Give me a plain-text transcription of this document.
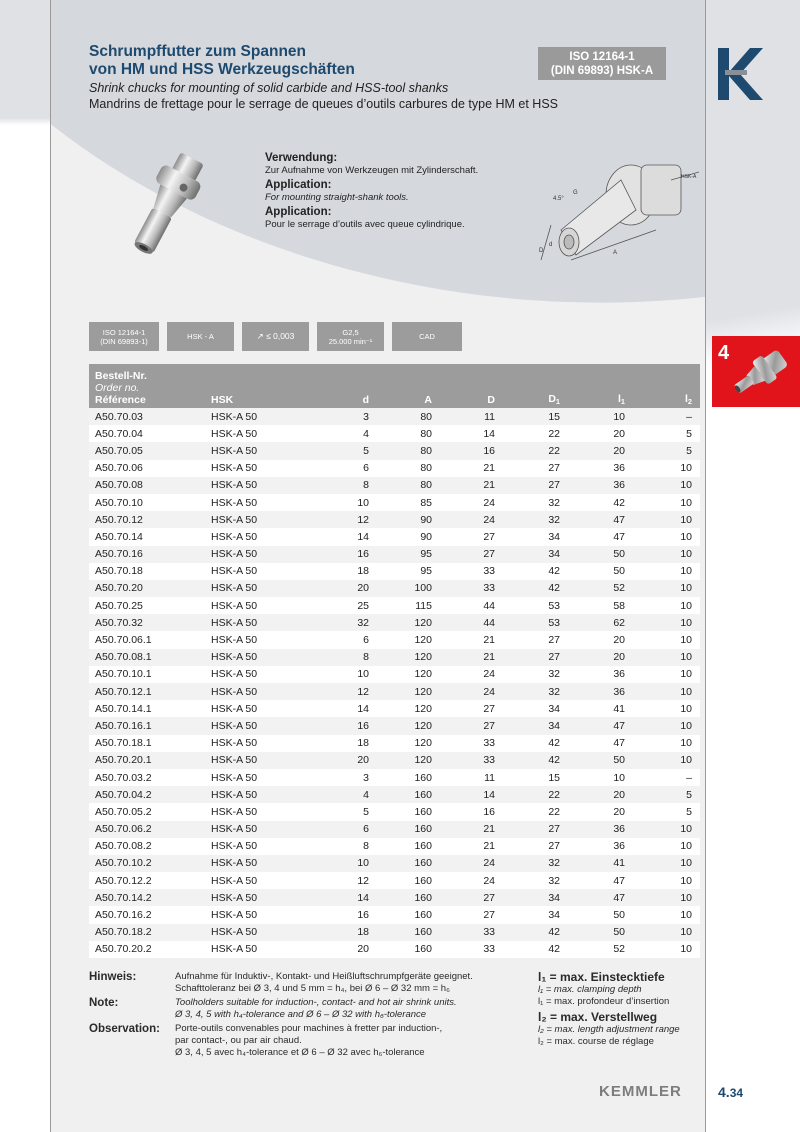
Schrumpffutter zum Spannen
von HM und HSS Werkzeugschäften
Shrink chucks for mounting of solid carbide and HSS-tool shanks
Mandrins de frettage pour le serrage de queues d’outils carbures de type HM et HSS
ISO 12164-1
(DIN 69893) HSK-A
Verwendung:
Zur Aufnahme von Werkzeugen mit Zylinderschaft.
Application:
For mounting straight-shank tools.
Application:
Pour le serrage d’outils avec queue cylindrique.
4.5°
G
D
d
A
HSK-A
ISO 12164-1
(DIN 69893-1)	HSK - A	↗ ≤ 0,003	G2,5
25.000 min⁻¹	CAD
Bestell-Nr.
Order no.
Référence	HSK	d	A	D	$D_1$	$l_1$	$l_2$
A50.70.03	HSK-A 50	3	80	11	15	10	–
A50.70.04	HSK-A 50	4	80	14	22	20	5
A50.70.05	HSK-A 50	5	80	16	22	20	5
A50.70.06	HSK-A 50	6	80	21	27	36	10
A50.70.08	HSK-A 50	8	80	21	27	36	10
A50.70.10	HSK-A 50	10	85	24	32	42	10
A50.70.12	HSK-A 50	12	90	24	32	47	10
A50.70.14	HSK-A 50	14	90	27	34	47	10
A50.70.16	HSK-A 50	16	95	27	34	50	10
A50.70.18	HSK-A 50	18	95	33	42	50	10
A50.70.20	HSK-A 50	20	100	33	42	52	10
A50.70.25	HSK-A 50	25	115	44	53	58	10
A50.70.32	HSK-A 50	32	120	44	53	62	10
A50.70.06.1	HSK-A 50	6	120	21	27	20	10
A50.70.08.1	HSK-A 50	8	120	21	27	20	10
A50.70.10.1	HSK-A 50	10	120	24	32	36	10
A50.70.12.1	HSK-A 50	12	120	24	32	36	10
A50.70.14.1	HSK-A 50	14	120	27	34	41	10
A50.70.16.1	HSK-A 50	16	120	27	34	47	10
A50.70.18.1	HSK-A 50	18	120	33	42	47	10
A50.70.20.1	HSK-A 50	20	120	33	42	50	10
A50.70.03.2	HSK-A 50	3	160	11	15	10	–
A50.70.04.2	HSK-A 50	4	160	14	22	20	5
A50.70.05.2	HSK-A 50	5	160	16	22	20	5
A50.70.06.2	HSK-A 50	6	160	21	27	36	10
A50.70.08.2	HSK-A 50	8	160	21	27	36	10
A50.70.10.2	HSK-A 50	10	160	24	32	41	10
A50.70.12.2	HSK-A 50	12	160	24	32	47	10
A50.70.14.2	HSK-A 50	14	160	27	34	47	10
A50.70.16.2	HSK-A 50	16	160	27	34	50	10
A50.70.18.2	HSK-A 50	18	160	33	42	50	10
A50.70.20.2	HSK-A 50	20	160	33	42	52	10
Hinweis:	Aufnahme für Induktiv-, Kontakt- und Heißluftschrumpfgeräte geeignet.
Schafttoleranz bei Ø 3, 4 und 5 mm = h₄, bei Ø 6 – Ø 32 mm = h₆
Note:	Toolholders suitable for induction-, contact- and hot air shrink units.
Ø 3, 4, 5 with h₄-tolerance and Ø 6 – Ø 32 with h₆-tolerance
Observation:	Porte-outils convenables pour machines à fretter par induction-,
par contact-, ou par air chaud.
Ø 3, 4, 5 avec h₄-tolerance et Ø 6 – Ø 32 avec h₆-tolerance
l₁ = max. Einstecktiefe
l₁ = max. clamping depth
l₁ = max. profondeur d’insertion
l₂ = max. Verstellweg
l₂ = max. length adjustment range
l₂ = max. course de réglage
KEMMLER
4
4.34
